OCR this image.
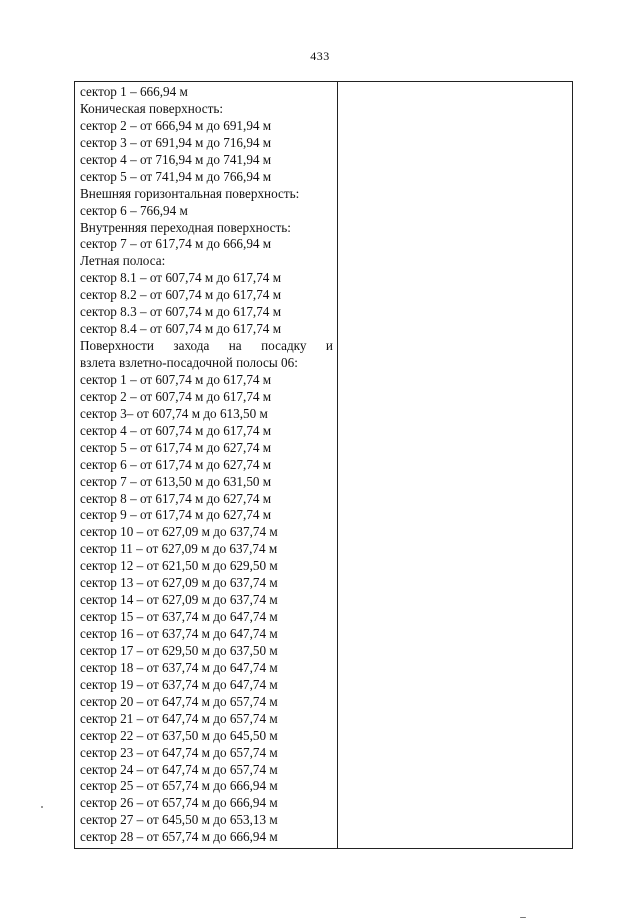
433
сектор 1 – 666,94 м
Коническая поверхность:
сектор 2 – от 666,94 м до 691,94 м
сектор 3 – от 691,94 м до 716,94 м
сектор 4 – от 716,94 м до 741,94 м
сектор 5 – от 741,94 м до 766,94 м
Внешняя горизонтальная поверхность:
сектор 6 – 766,94 м
Внутренняя переходная поверхность:
сектор 7 – от 617,74 м до 666,94 м
Летная полоса:
сектор 8.1 – от 607,74 м до 617,74 м
сектор 8.2 – от 607,74 м до 617,74 м
сектор 8.3 – от 607,74 м до 617,74 м
сектор 8.4 – от 607,74 м до 617,74 м
Поверхности захода на посадку и
взлета взлетно-посадочной полосы 06:
сектор 1 – от 607,74 м до 617,74 м
сектор 2 – от 607,74 м до 617,74 м
сектор 3– от 607,74 м до 613,50 м
сектор 4 – от 607,74 м до 617,74 м
сектор 5 – от 617,74 м до 627,74 м
сектор 6 – от 617,74 м до 627,74 м
сектор 7 – от 613,50 м до 631,50 м
сектор 8 – от 617,74 м до 627,74 м
сектор 9 – от 617,74 м до 627,74 м
сектор 10 – от 627,09 м до 637,74 м
сектор 11 – от 627,09 м до 637,74 м
сектор 12 – от 621,50 м до 629,50 м
сектор 13 – от 627,09 м до 637,74 м
сектор 14 – от 627,09 м до 637,74 м
сектор 15 – от 637,74 м до 647,74 м
сектор 16 – от 637,74 м до 647,74 м
сектор 17 – от 629,50 м до 637,50 м
сектор 18 – от 637,74 м до 647,74 м
сектор 19 – от 637,74 м до 647,74 м
сектор 20 – от 647,74 м до 657,74 м
сектор 21 – от 647,74 м до 657,74 м
сектор 22 – от 637,50 м до 645,50 м
сектор 23 – от 647,74 м до 657,74 м
сектор 24 – от 647,74 м до 657,74 м
сектор 25 – от 657,74 м до 666,94 м
сектор 26 – от 657,74 м до 666,94 м
сектор 27 – от 645,50 м до 653,13 м
сектор 28 – от 657,74 м до 666,94 м
